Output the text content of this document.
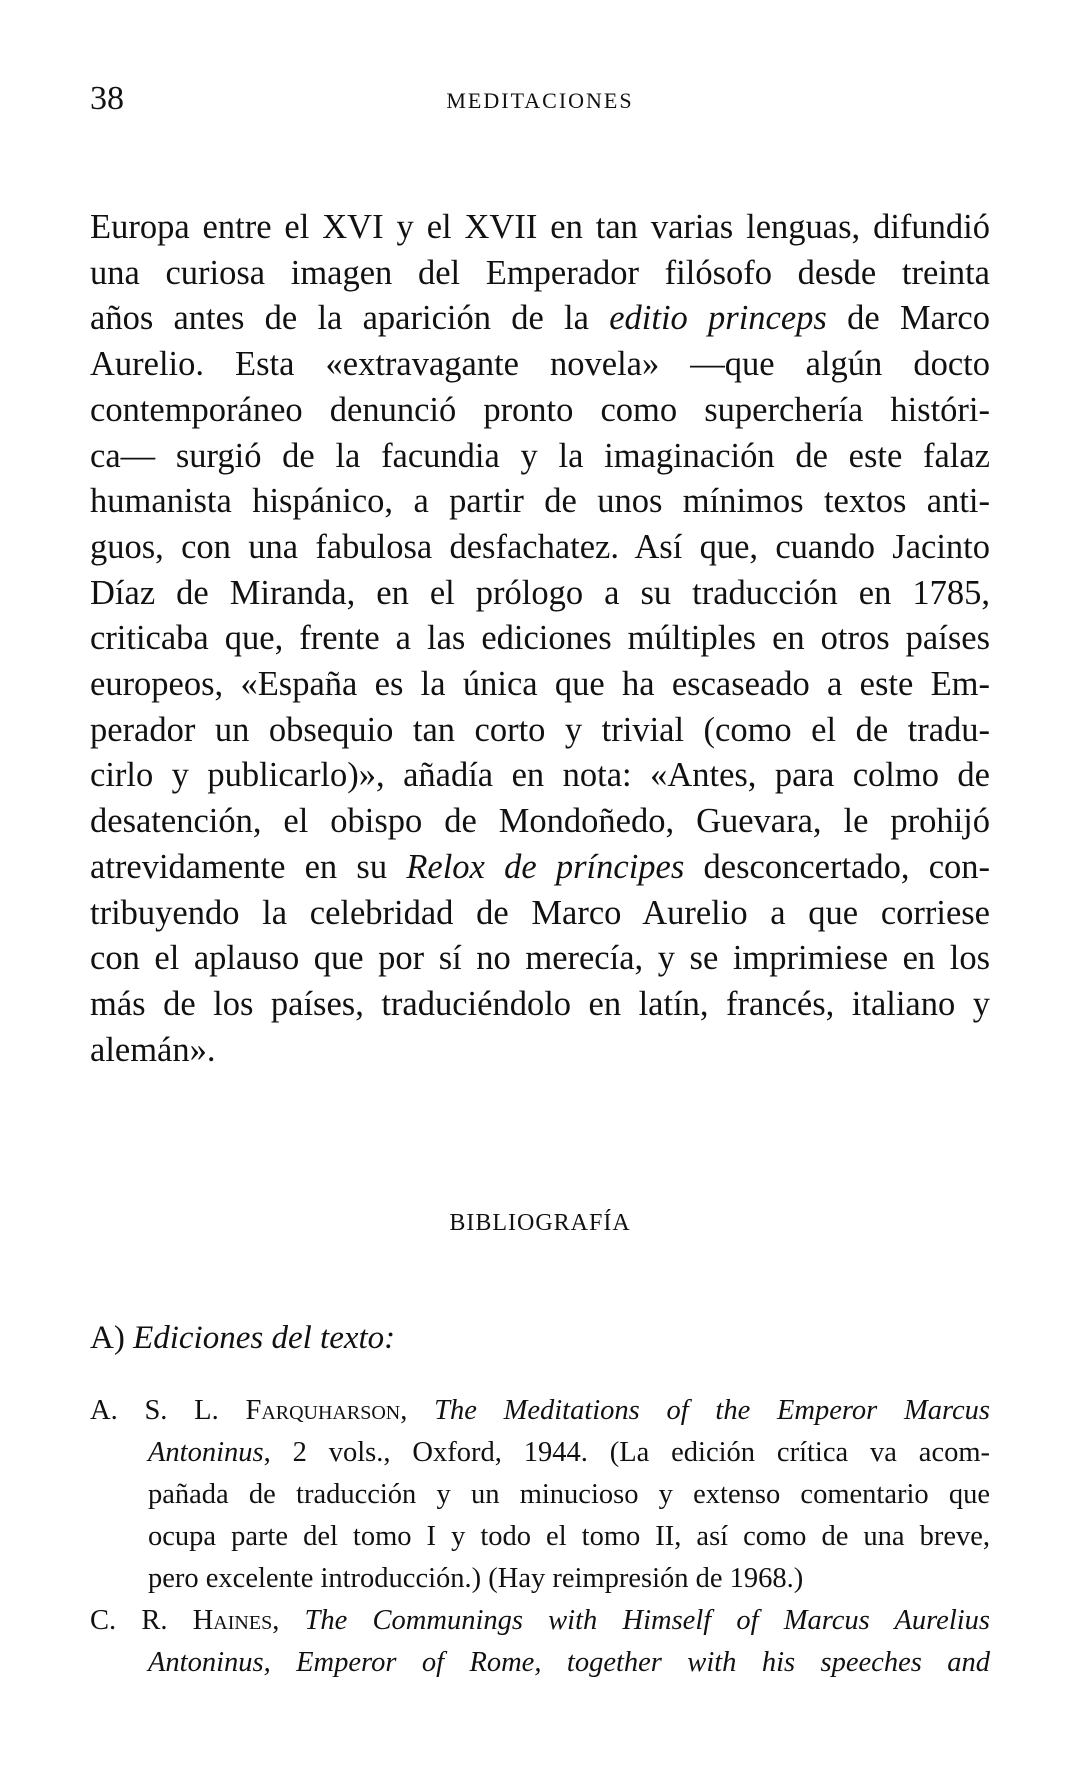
38	MEDITACIONES

Europa entre el XVI y el XVII en tan varias lenguas, difundió
una curiosa imagen del Emperador filósofo desde treinta
años antes de la aparición de la editio princeps de Marco
Aurelio. Esta «extravagante novela» —que algún docto
contemporáneo denunció pronto como superchería históri-
ca— surgió de la facundia y la imaginación de este falaz
humanista hispánico, a partir de unos mínimos textos anti-
guos, con una fabulosa desfachatez. Así que, cuando Jacinto
Díaz de Miranda, en el prólogo a su traducción en 1785,
criticaba que, frente a las ediciones múltiples en otros países
europeos, «España es la única que ha escaseado a este Em-
perador un obsequio tan corto y trivial (como el de tradu-
cirlo y publicarlo)», añadía en nota: «Antes, para colmo de
desatención, el obispo de Mondoñedo, Guevara, le prohijó
atrevidamente en su Relox de príncipes desconcertado, con-
tribuyendo la celebridad de Marco Aurelio a que corriese
con el aplauso que por sí no merecía, y se imprimiese en los
más de los países, traduciéndolo en latín, francés, italiano y
alemán».

BIBLIOGRAFÍA
A) Ediciones del texto:
A. S. L. Farquharson, The Meditations of the Emperor Marcus
Antoninus, 2 vols., Oxford, 1944. (La edición crítica va acom-
pañada de traducción y un minucioso y extenso comentario que
ocupa parte del tomo I y todo el tomo II, así como de una breve,
pero excelente introducción.) (Hay reimpresión de 1968.)
C. R. Haines, The Communings with Himself of Marcus Aurelius
Antoninus, Emperor of Rome, together with his speeches and
